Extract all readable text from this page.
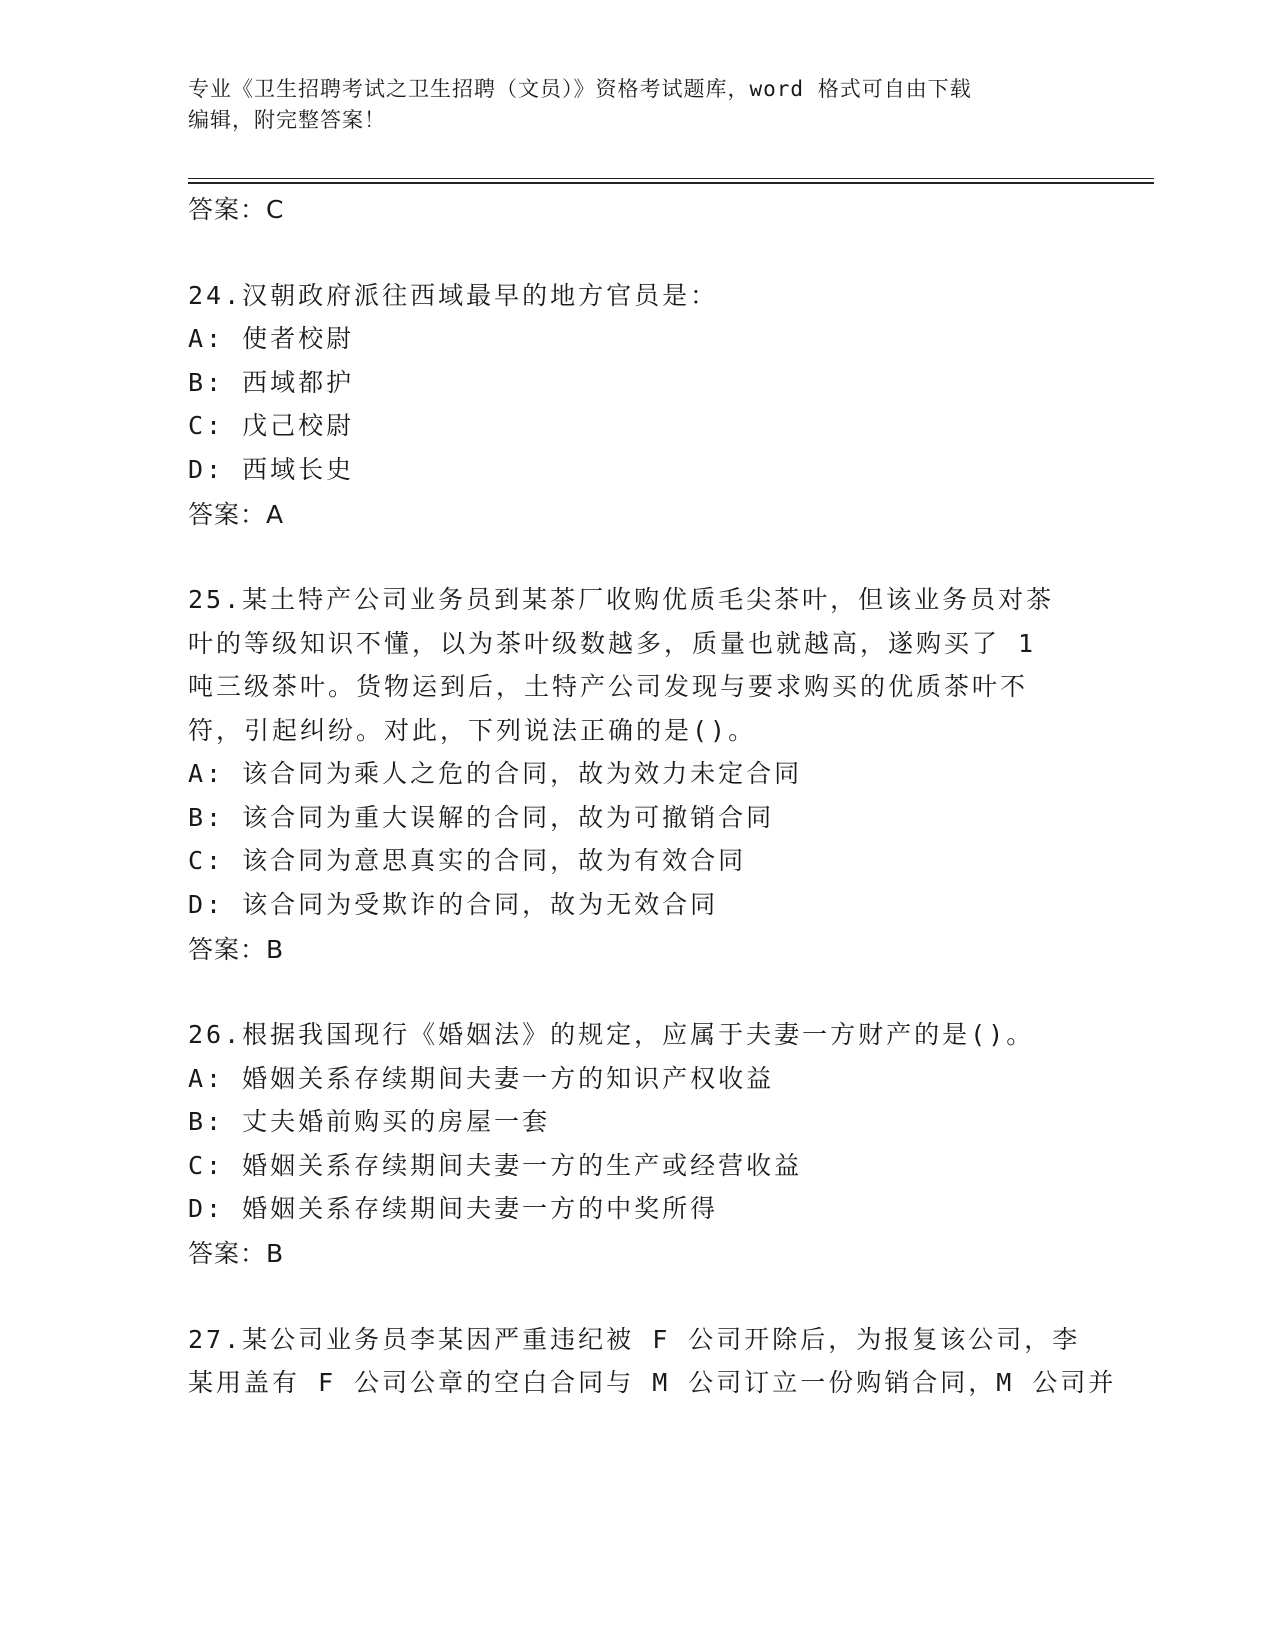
专业《卫生招聘考试之卫生招聘（文员）》资格考试题库，word 格式可自由下载
编辑，附完整答案！
答案：C
24.汉朝政府派往西域最早的地方官员是：
A: 使者校尉
B: 西域都护
C: 戊己校尉
D: 西域长史
答案：A
25.某土特产公司业务员到某茶厂收购优质毛尖茶叶，但该业务员对茶
叶的等级知识不懂，以为茶叶级数越多，质量也就越高，遂购买了 1
吨三级茶叶。货物运到后，土特产公司发现与要求购买的优质茶叶不
符，引起纠纷。对此，下列说法正确的是()。
A: 该合同为乘人之危的合同，故为效力未定合同
B: 该合同为重大误解的合同，故为可撤销合同
C: 该合同为意思真实的合同，故为有效合同
D: 该合同为受欺诈的合同，故为无效合同
答案：B
26.根据我国现行《婚姻法》的规定，应属于夫妻一方财产的是()。
A: 婚姻关系存续期间夫妻一方的知识产权收益
B: 丈夫婚前购买的房屋一套
C: 婚姻关系存续期间夫妻一方的生产或经营收益
D: 婚姻关系存续期间夫妻一方的中奖所得
答案：B
27.某公司业务员李某因严重违纪被 F 公司开除后，为报复该公司，李
某用盖有 F 公司公章的空白合同与 M 公司订立一份购销合同，M 公司并
